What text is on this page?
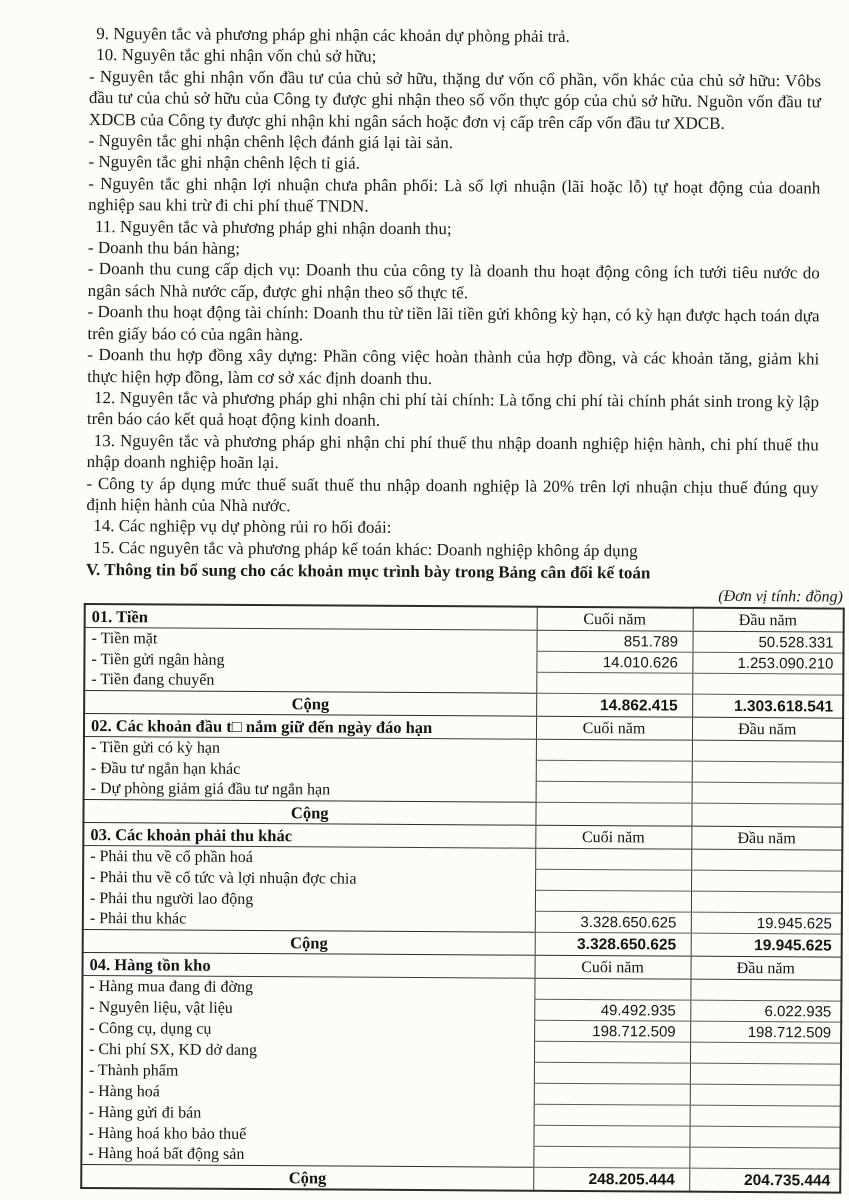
9. Nguyên tắc và phương pháp ghi nhận các khoản dự phòng phải trả.

10. Nguyên tắc ghi nhận vốn chủ sở hữu;

- Nguyên tắc ghi nhận vốn đầu tư của chủ sở hữu, thặng dư vốn cổ phần, vốn khác của chủ sở hữu: Vôbs đầu tư của chủ sở hữu của Công ty được ghi nhận theo số vốn thực góp của chủ sở hữu. Nguồn vốn đầu tư XDCB của Công ty được ghi nhận khi ngân sách hoặc đơn vị cấp trên cấp vốn đầu tư XDCB.

- Nguyên tắc ghi nhận chênh lệch đánh giá lại tài sản.

- Nguyên tắc ghi nhận chênh lệch tỉ giá.

- Nguyên tắc ghi nhận lợi nhuận chưa phân phối: Là số lợi nhuận (lãi hoặc lỗ) tự hoạt động của doanh nghiệp sau khi trừ đi chi phí thuế TNDN.

11. Nguyên tắc và phương pháp ghi nhận doanh thu;

- Doanh thu bán hàng;

- Doanh thu cung cấp dịch vụ: Doanh thu của công ty là doanh thu hoạt động công ích tưới tiêu nước do ngân sách Nhà nước cấp, được ghi nhận theo số thực tế.

- Doanh thu hoạt động tài chính: Doanh thu từ tiền lãi tiền gửi không kỳ hạn, có kỳ hạn được hạch toán dựa trên giấy báo có của ngân hàng.

- Doanh thu hợp đồng xây dựng: Phần công việc hoàn thành của hợp đồng, và các khoản tăng, giảm khi thực hiện hợp đồng, làm cơ sở xác định doanh thu.

12. Nguyên tắc và phương pháp ghi nhận chi phí tài chính: Là tổng chi phí tài chính phát sinh trong kỳ lập trên báo cáo kết quả hoạt động kinh doanh.

13. Nguyên tắc và phương pháp ghi nhận chi phí thuế thu nhập doanh nghiệp hiện hành, chi phí thuế thu nhập doanh nghiệp hoãn lại.

- Công ty áp dụng mức thuế suất thuế thu nhập doanh nghiệp là 20% trên lợi nhuận chịu thuế đúng quy định hiện hành của Nhà nước.

14. Các nghiệp vụ dự phòng rủi ro hối đoái:

15. Các nguyên tắc và phương pháp kế toán khác: Doanh nghiệp không áp dụng

V. Thông tin bổ sung cho các khoản mục trình bày trong Bảng cân đối kế toán

(Đơn vị tính: đồng)
01. Tiền	Cuối năm	Đầu năm
- Tiền mặt	851.789	50.528.331
- Tiền gửi ngân hàng	14.010.626	1.253.090.210
- Tiền đang chuyển		
Cộng	14.862.415	1.303.618.541
02. Các khoản đầu t□ nắm giữ đến ngày đáo hạn	Cuối năm	Đầu năm
- Tiền gửi có kỳ hạn		
- Đầu tư ngắn hạn khác		
- Dự phòng giảm giá đầu tư ngắn hạn		
Cộng		
03. Các khoản phải thu khác	Cuối năm	Đầu năm
- Phải thu về cổ phần hoá		
- Phải thu về cổ tức và lợi nhuận đợc chia		
- Phải thu người lao động		
- Phải thu khác	3.328.650.625	19.945.625
Cộng	3.328.650.625	19.945.625
04. Hàng tồn kho	Cuối năm	Đầu năm
- Hàng mua đang đi đờng		
- Nguyên liệu, vật liệu	49.492.935	6.022.935
- Công cụ, dụng cụ	198.712.509	198.712.509
- Chi phí SX, KD dở dang		
- Thành phẩm		
- Hàng hoá		
- Hàng gửi đi bán		
- Hàng hoá kho bảo thuế		
- Hàng hoá bất động sản		
Cộng	248.205.444	204.735.444
